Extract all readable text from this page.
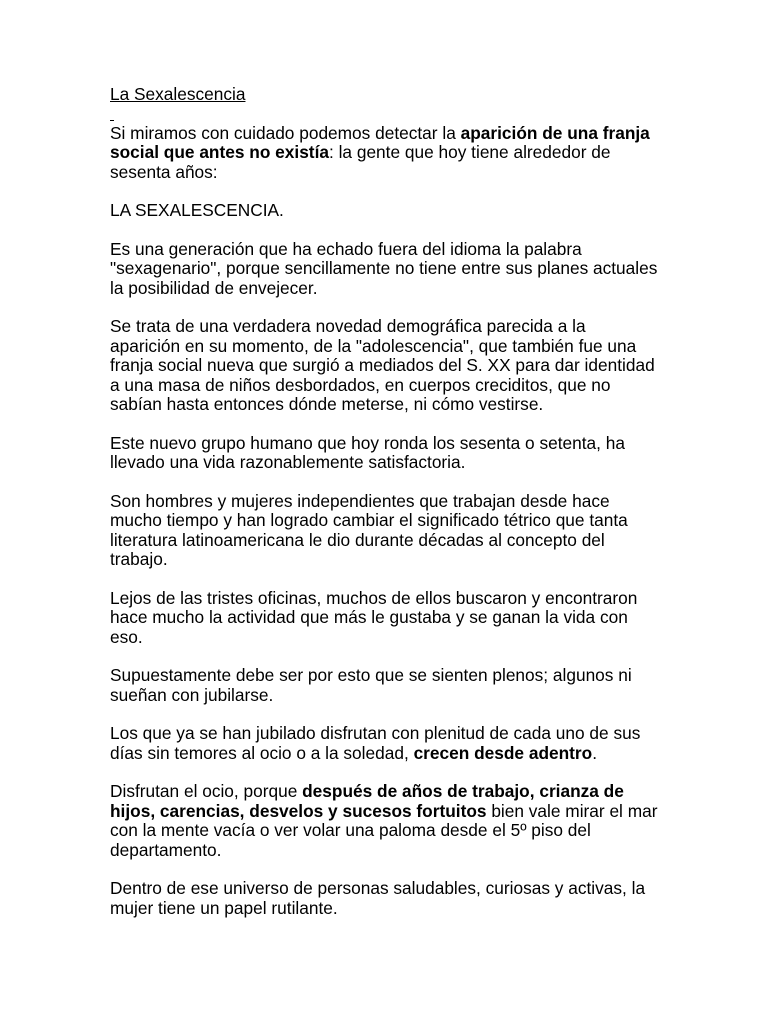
La Sexalescencia

Si miramos con cuidado podemos detectar la aparición de una franja social que antes no existía: la gente que hoy tiene alrededor de sesenta años:

LA SEXALESCENCIA.

Es una generación que ha echado fuera del idioma la palabra "sexagenario", porque sencillamente no tiene entre sus planes actuales la posibilidad de envejecer.

Se trata de una verdadera novedad demográfica parecida a la aparición en su momento, de la "adolescencia", que también fue una franja social nueva que surgió a mediados del S. XX para dar identidad a una masa de niños desbordados, en cuerpos creciditos, que no sabían hasta entonces dónde meterse, ni cómo vestirse.

Este nuevo grupo humano que hoy ronda los sesenta o setenta, ha llevado una vida razonablemente satisfactoria.

Son hombres y mujeres independientes que trabajan desde hace mucho tiempo y han logrado cambiar el significado tétrico que tanta literatura latinoamericana le dio durante décadas al concepto del trabajo.

Lejos de las tristes oficinas, muchos de ellos buscaron y encontraron hace mucho la actividad que más le gustaba y se ganan la vida con eso.

Supuestamente debe ser por esto que se sienten plenos; algunos ni sueñan con jubilarse.

Los que ya se han jubilado disfrutan con plenitud de cada uno de sus días sin temores al ocio o a la soledad, crecen desde adentro.

Disfrutan el ocio, porque después de años de trabajo, crianza de hijos, carencias, desvelos y sucesos fortuitos bien vale mirar el mar con la mente vacía o ver volar una paloma desde el 5º piso del departamento.

Dentro de ese universo de personas saludables, curiosas y activas, la mujer tiene un papel rutilante.
